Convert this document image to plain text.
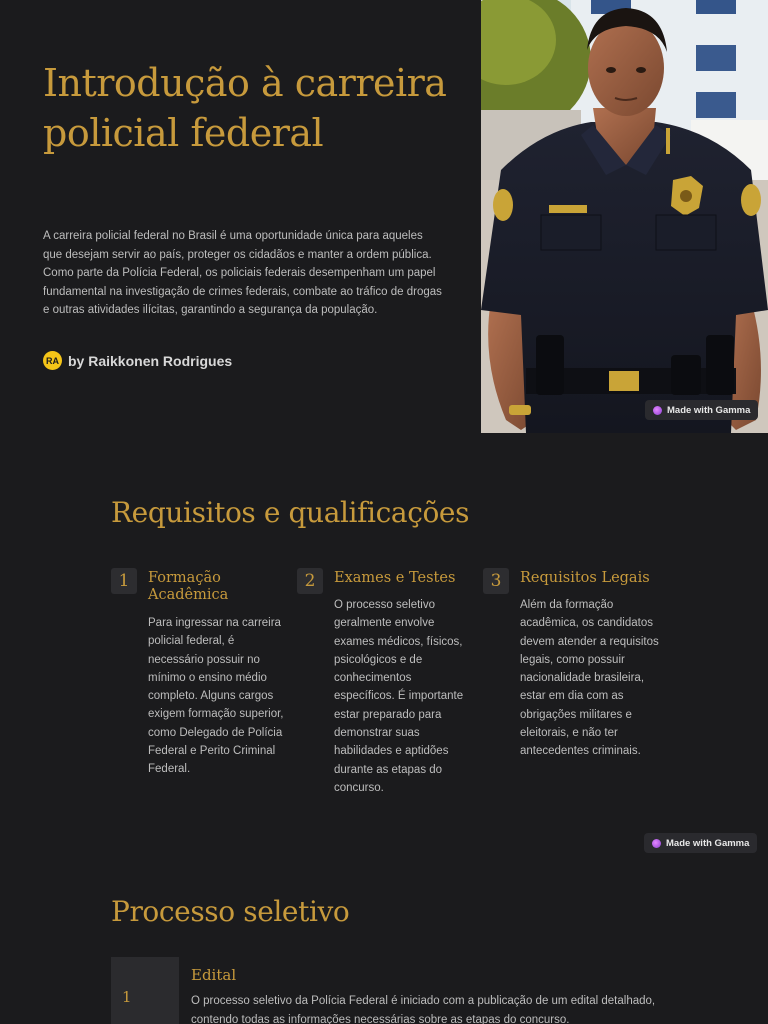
Introdução à carreira policial federal

A carreira policial federal no Brasil é uma oportunidade única para aqueles que desejam servir ao país, proteger os cidadãos e manter a ordem pública. Como parte da Polícia Federal, os policiais federais desempenham um papel fundamental na investigação de crimes federais, combate ao tráfico de drogas e outras atividades ilícitas, garantindo a segurança da população.

RA by Raikkonen Rodrigues
Made with Gamma
Requisitos e qualificações
1	Formação Acadêmica
Para ingressar na carreira policial federal, é necessário possuir no mínimo o ensino médio completo. Alguns cargos exigem formação superior, como Delegado de Polícia Federal e Perito Criminal Federal.
2	Exames e Testes
O processo seletivo geralmente envolve exames médicos, físicos, psicológicos e de conhecimentos específicos. É importante estar preparado para demonstrar suas habilidades e aptidões durante as etapas do concurso.
3	Requisitos Legais
Além da formação acadêmica, os candidatos devem atender a requisitos legais, como possuir nacionalidade brasileira, estar em dia com as obrigações militares e eleitorais, e não ter antecedentes criminais.
Made with Gamma
Processo seletivo
1
Edital
O processo seletivo da Polícia Federal é iniciado com a publicação de um edital detalhado, contendo todas as informações necessárias sobre as etapas do concurso.
